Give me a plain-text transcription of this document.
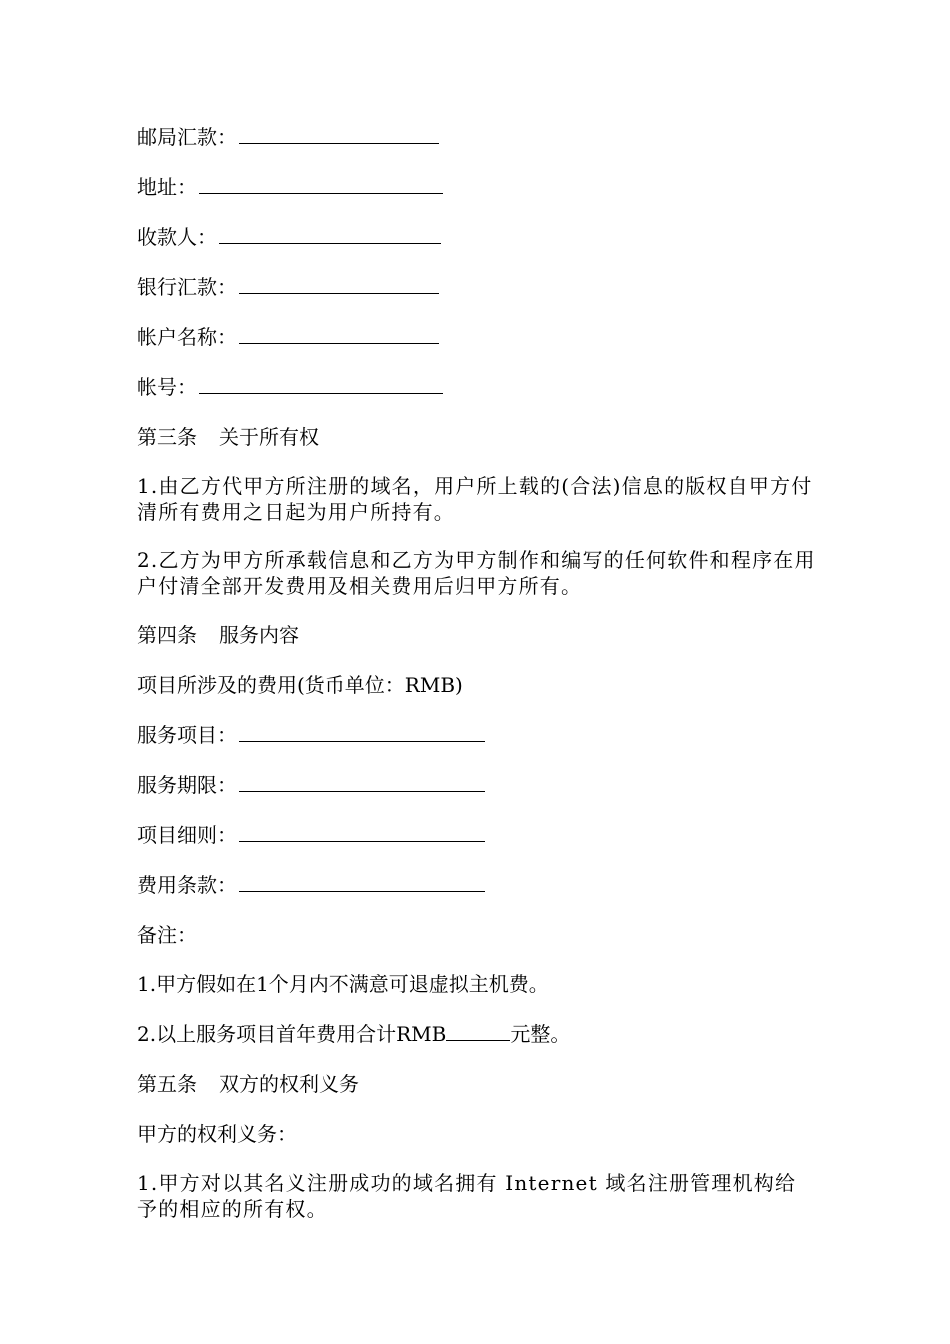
邮局汇款：
地址：
收款人：
银行汇款：
帐户名称：
帐号：
第三条 关于所有权
1.由乙方代甲方所注册的域名，用户所上载的(合法)信息的版权自甲方付清所有费用之日起为用户所持有。
2.乙方为甲方所承载信息和乙方为甲方制作和编写的任何软件和程序在用户付清全部开发费用及相关费用后归甲方所有。
第四条 服务内容
项目所涉及的费用(货币单位：RMB)
服务项目：
服务期限：
项目细则：
费用条款：
备注：
1.甲方假如在1个月内不满意可退虚拟主机费。
2.以上服务项目首年费用合计RMB	元整。
第五条 双方的权利义务
甲方的权利义务：
1.甲方对以其名义注册成功的域名拥有 Internet 域名注册管理机构给予的相应的所有权。
